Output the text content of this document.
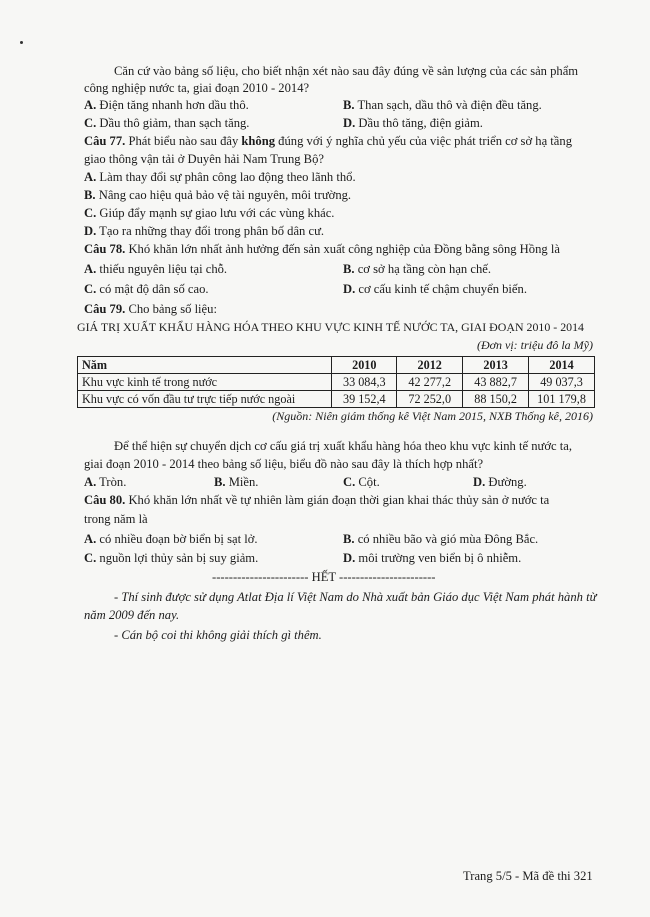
Căn cứ vào bảng số liệu, cho biết nhận xét nào sau đây đúng về sản lượng của các sản phẩm
công nghiệp nước ta, giai đoạn 2010 - 2014?
A. Điện tăng nhanh hơn dầu thô.	B. Than sạch, dầu thô và điện đều tăng.
C. Dầu thô giảm, than sạch tăng.	D. Dầu thô tăng, điện giảm.
Câu 77. Phát biểu nào sau đây không đúng với ý nghĩa chủ yếu của việc phát triển cơ sở hạ tầng
giao thông vận tải ở Duyên hải Nam Trung Bộ?
A. Làm thay đổi sự phân công lao động theo lãnh thổ.
B. Nâng cao hiệu quả bảo vệ tài nguyên, môi trường.
C. Giúp đẩy mạnh sự giao lưu với các vùng khác.
D. Tạo ra những thay đổi trong phân bố dân cư.
Câu 78. Khó khăn lớn nhất ảnh hưởng đến sản xuất công nghiệp của Đồng bằng sông Hồng là
A. thiếu nguyên liệu tại chỗ.	B. cơ sở hạ tầng còn hạn chế.
C. có mật độ dân số cao.	D. cơ cấu kinh tế chậm chuyển biến.
Câu 79. Cho bảng số liệu:
GIÁ TRỊ XUẤT KHẨU HÀNG HÓA THEO KHU VỰC KINH TẾ NƯỚC TA, GIAI ĐOẠN 2010 - 2014
(Đơn vị: triệu đô la Mỹ)
Năm	2010	2012	2013	2014
Khu vực kinh tế trong nước	33 084,3	42 277,2	43 882,7	49 037,3
Khu vực có vốn đầu tư trực tiếp nước ngoài	39 152,4	72 252,0	88 150,2	101 179,8
(Nguồn: Niên giám thống kê Việt Nam 2015, NXB Thống kê, 2016)
Để thể hiện sự chuyển dịch cơ cấu giá trị xuất khẩu hàng hóa theo khu vực kinh tế nước ta,
giai đoạn 2010 - 2014 theo bảng số liệu, biểu đồ nào sau đây là thích hợp nhất?
A. Tròn.	B. Miền.	C. Cột.	D. Đường.
Câu 80. Khó khăn lớn nhất về tự nhiên làm gián đoạn thời gian khai thác thủy sản ở nước ta
trong năm là
A. có nhiều đoạn bờ biển bị sạt lở.	B. có nhiều bão và gió mùa Đông Bắc.
C. nguồn lợi thủy sản bị suy giảm.	D. môi trường ven biển bị ô nhiễm.
----------------------- HẾT -----------------------
- Thí sinh được sử dụng Atlat Địa lí Việt Nam do Nhà xuất bản Giáo dục Việt Nam phát hành từ
năm 2009 đến nay.
- Cán bộ coi thi không giải thích gì thêm.
Trang 5/5 - Mã đề thi 321
